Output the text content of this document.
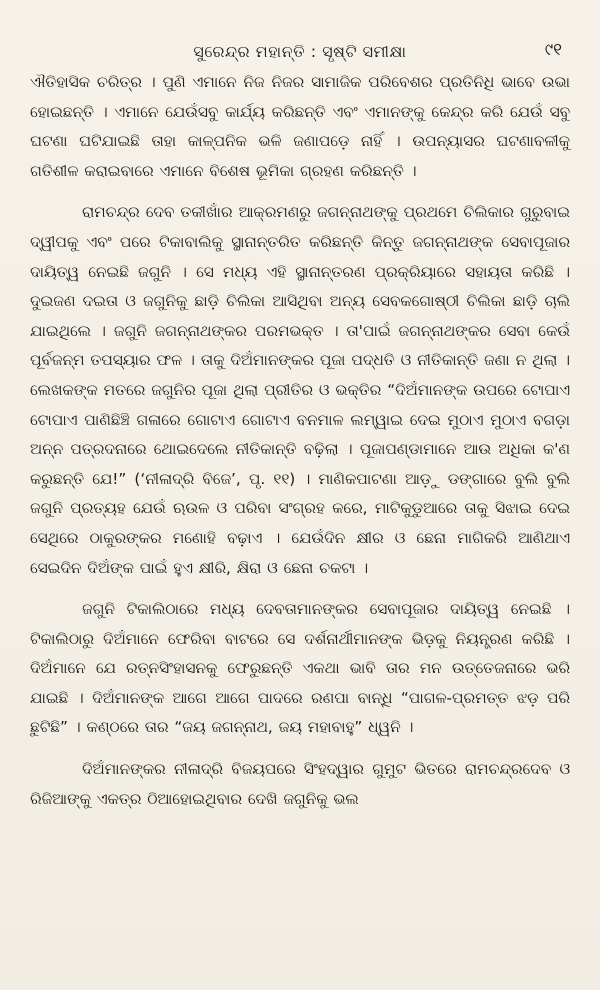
ସୁରେନ୍ଦ୍ର ମହାନ୍ତି : ସୃଷ୍ଟି ସମୀକ୍ଷା	୯୧

ଐତିହାସିକ ଚରିତ୍ର । ପୁଣି ଏମାନେ ନିଜ ନିଜର ସାମାଜିକ ପରିବେଶର ପ୍ରତିନିଧି ଭାବେ ଉଭା ହୋଇଛନ୍ତି । ଏମାନେ ଯେଉଁସବୁ କାର୍ଯ୍ୟ କରିଛନ୍ତି ଏବଂ ଏମାନଙ୍କୁ କେନ୍ଦ୍ର କରି ଯେଉଁ ସବୁ ଘଟଣା ଘଟିଯାଇଛି ତାହା କାଳ୍ପନିକ ଭଳି ଜଣାପଡ଼େ ନାହିଁ । ଉପନ୍ୟାସର ଘଟଣାବଳୀକୁ ଗତିଶୀଳ କରାଇବାରେ ଏମାନେ ବିଶେଷ ଭୂମିକା ଗ୍ରହଣ କରିଛନ୍ତି ।

ରାମଚନ୍ଦ୍ର ଦେବ ତକୀଖାଁର ଆକ୍ରମଣରୁ ଜଗନ୍ନାଥଙ୍କୁ ପ୍ରଥମେ ଚିଲିକାର ଗୁରୁବାଇ ଦ୍ୱୀପକୁ ଏବଂ ପରେ ଟିକାବାଲିକୁ ସ୍ଥାନାନ୍ତରିତ କରିଛନ୍ତି କିନ୍ତୁ ଜଗନ୍ନାଥଙ୍କ ସେବାପୂଜାର ଦାୟିତ୍ୱ ନେଇଛି ଜଗୁନି । ସେ ମଧ୍ୟ ଏହି ସ୍ଥାନାନ୍ତରଣ ପ୍ରକ୍ରିୟାରେ ସହାୟତା କରିଛି । ଦୁଇଜଣ ଦଇତା ଓ ଜଗୁନିକୁ ଛାଡ଼ି ଚିଲିକା ଆସିଥିବା ଅନ୍ୟ ସେବକଗୋଷ୍ଠୀ ଚିଲିକା ଛାଡ଼ି ଚାଲି ଯାଇଥିଲେ । ଜଗୁନି ଜଗନ୍ନାଥଙ୍କର ପରମଭକ୍ତ । ତା'ପାଇଁ ଜଗନ୍ନାଥଙ୍କର ସେବା କେଉଁ ପୂର୍ବଜନ୍ମ ତପସ୍ୟାର ଫଳ । ତାକୁ ଦିଅଁମାନଙ୍କର ପୂଜା ପଦ୍ଧତି ଓ ନୀତିକାନ୍ତି ଜଣା ନ ଥିଲା । ଲେଖକଙ୍କ ମତରେ ଜଗୁନିର ପୂଜା ଥିଲା ପ୍ରୀତିର ଓ ଭକ୍ତିର “ଦିଅଁମାନଙ୍କ ଉପରେ ଟୋପାଏ ଟୋପାଏ ପାଣିଛିଞ୍ଚି ଗଳାରେ ଗୋଟାଏ ଗୋଟାଏ ବନମାଳ ଲମ୍ୱାଇ ଦେଇ ମୁଠାଏ ମୁଠାଏ ବଗଡ଼ା ଅନ୍ନ ପତ୍ରଦନାରେ ଥୋଇଦେଲେ ନୀତିକାନ୍ତି ବଢ଼ିଲା । ପୂଜାପଣ୍ଡାମାନେ ଆଉ ଅଧିକା କ'ଣ କରୁଛନ୍ତି ଯେ!” (‘ନୀଳାଦ୍ରି ବିଜେ’, ପୃ. ୧୧) । ମାଣିକପାଟଣା ଆଡ଼ୁ ଡଙ୍ଗାରେ ବୁଲି ବୁଲି ଜଗୁନି ପ୍ରତ୍ୟହ ଯେଉଁ ଋଉଳ ଓ ପରିବା ସଂଗ୍ରହ କରେ, ମାଟିକୁଡୁଆରେ ତାକୁ ସିଝାଇ ଦେଇ ସେଥିରେ ଠାକୁରଙ୍କର ମଣୋହି ବଢ଼ାଏ । ଯେଉଁଦିନ କ୍ଷୀର ଓ ଛେନା ମାଗିକରି ଆଣିଥାଏ ସେଇଦିନ ଦିଅଁଙ୍କ ପାଇଁ ହୁଏ କ୍ଷୀରି, କ୍ଷିରା ଓ ଛେନା ଚକଟା ।

ଜଗୁନି ଟିକାଲିଠାରେ ମଧ୍ୟ ଦେବତାମାନଙ୍କର ସେବାପୂଜାର ଦାୟିତ୍ୱ ନେଇଛି । ଟିକାଲିଠାରୁ ଦିଅଁମାନେ ଫେରିବା ବାଟରେ ସେ ଦର୍ଶନାର୍ଥୀମାନଙ୍କ ଭିଡ଼କୁ ନିୟନ୍ତ୍ରଣ କରିଛି । ଦିଅଁମାନେ ଯେ ରତ୍ନସିଂହାସନକୁ ଫେରୁଛନ୍ତି ଏକଥା ଭାବି ତାର ମନ ଉତ୍ତେଜନାରେ ଭରି ଯାଇଛି । ଦିଅଁମାନଙ୍କ ଆଗେ ଆଗେ ପାଦରେ ରଣପା ବାନ୍ଧି “ପାଗଳ-ପ୍ରମତ୍ତ ଝଡ଼ ପରି ଛୁଟିଛି” । କଣ୍ଠରେ ତାର “ଜୟ ଜଗନ୍ନାଥ, ଜୟ ମହାବାହୁ” ଧ୍ୱନି ।

ଦିଅଁମାନଙ୍କର ନୀଳାଦ୍ରି ବିଜୟପରେ ସିଂହଦ୍ୱାର ଗୁମୁଟ ଭିତରେ ରାମଚନ୍ଦ୍ରଦେବ ଓ ରିଜିଆଙ୍କୁ ଏକତ୍ର ଠିଆହୋଇଥିବାର ଦେଖି ଜଗୁନିକୁ ଭଲ
